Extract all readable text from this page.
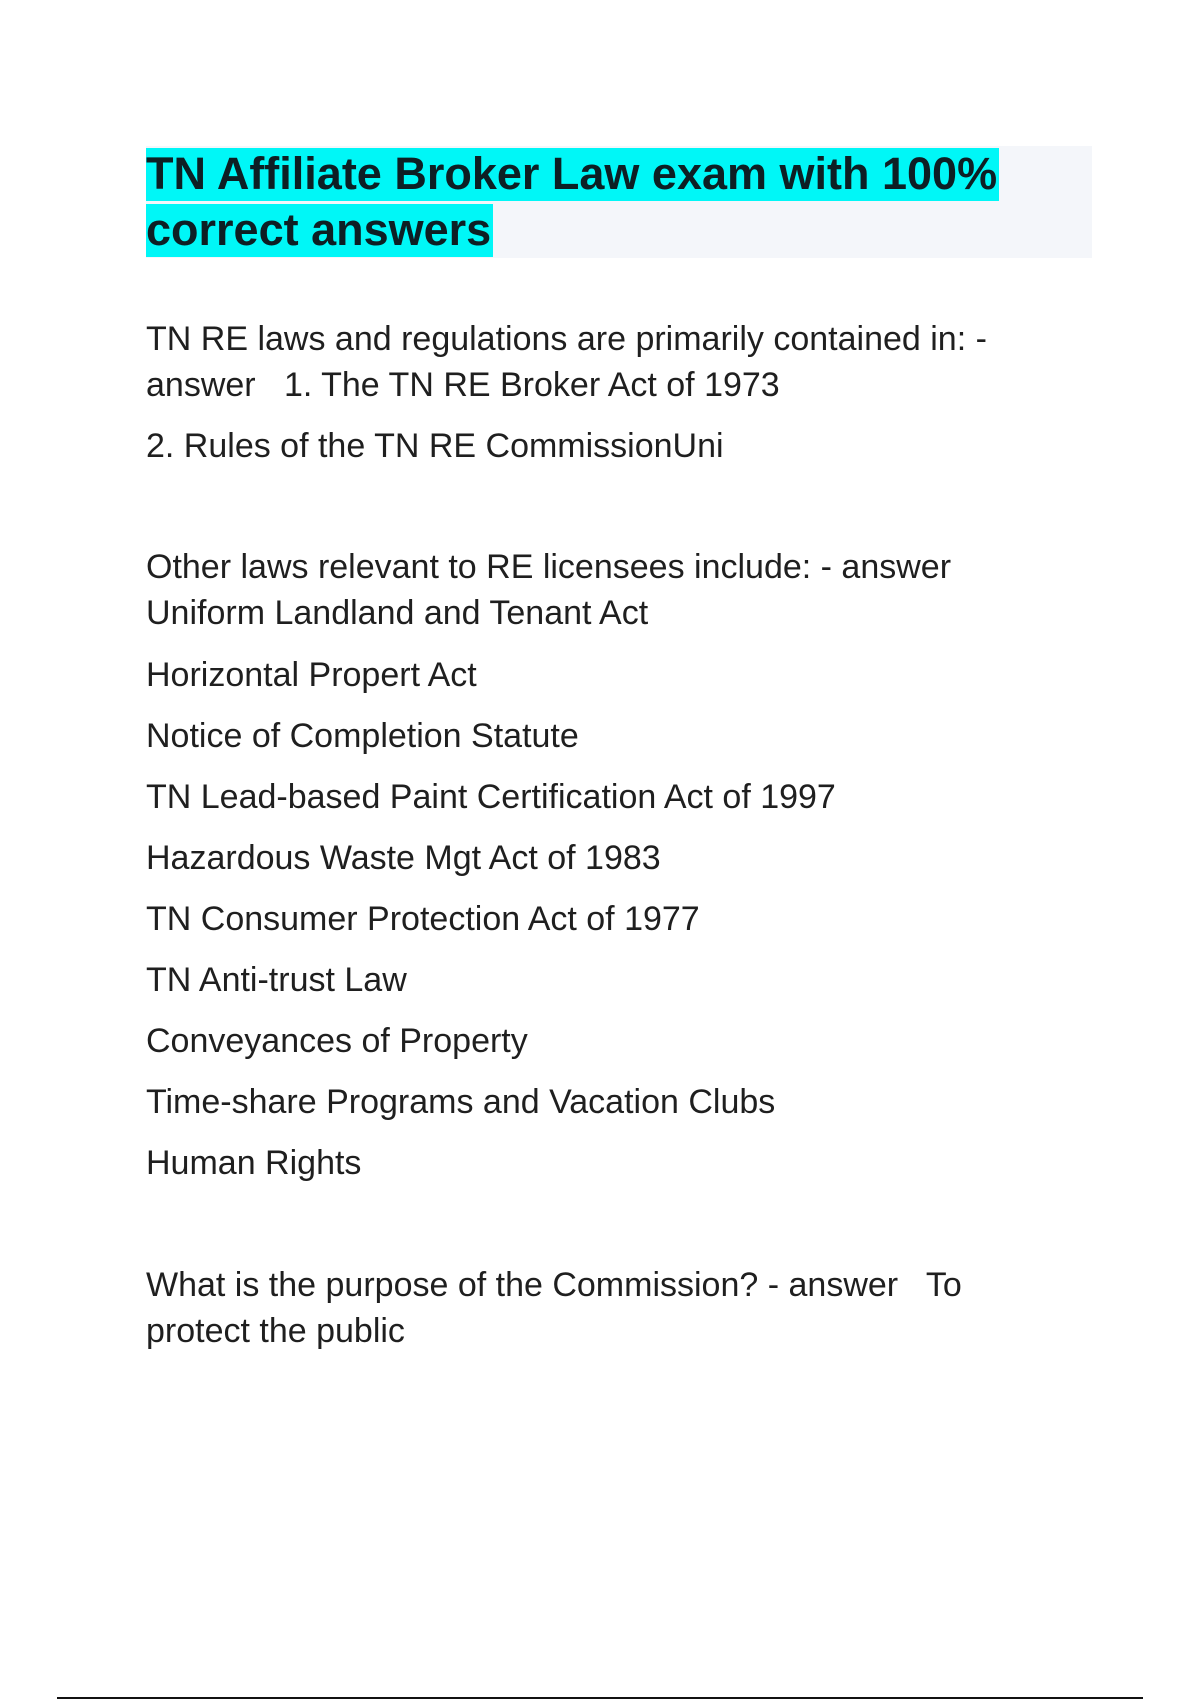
TN Affiliate Broker Law exam with 100%
correct answers
TN RE laws and regulations are primarily contained in: -
answer   1. The TN RE Broker Act of 1973
2. Rules of the TN RE CommissionUni
Other laws relevant to RE licensees include: - answer
Uniform Landland and Tenant Act
Horizontal Propert Act
Notice of Completion Statute
TN Lead-based Paint Certification Act of 1997
Hazardous Waste Mgt Act of 1983
TN Consumer Protection Act of 1977
TN Anti-trust Law
Conveyances of Property
Time-share Programs and Vacation Clubs
Human Rights
What is the purpose of the Commission? - answer   To
protect the public
